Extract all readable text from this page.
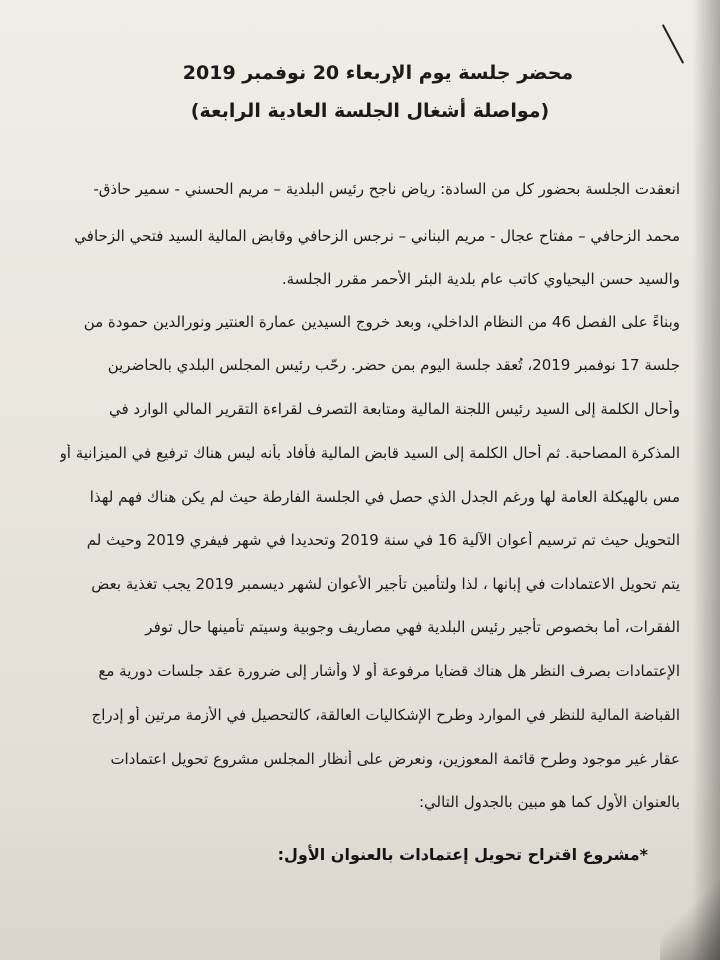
محضر جلسة يوم الإربعاء 20 نوفمبر 2019
(مواصلة أشغال الجلسة العادية الرابعة)
انعقدت الجلسة بحضور كل من السادة: رياض ناجح رئيس البلدية – مريم الحسني - سمير حاذق-
محمد الزحافي – مفتاح عجال - مريم البناني – نرجس الزحافي وقابض المالية السيد فتحي الزحافي
والسيد حسن اليحياوي كاتب عام بلدية البئر الأحمر مقرر الجلسة.
وبناءً على الفصل 46 من النظام الداخلي، وبعد خروج السيدين عمارة العنتير ونورالدين حمودة من
جلسة 17 نوفمبر 2019، تُعقد جلسة اليوم بمن حضر. رحّب رئيس المجلس البلدي بالحاضرين
وأحال الكلمة إلى السيد رئيس اللجنة المالية ومتابعة التصرف لقراءة التقرير المالي الوارد في
المذكرة المصاحبة. ثم أحال الكلمة إلى السيد قابض المالية فأفاد بأنه ليس هناك ترفيع في الميزانية أو
مس بالهيكلة العامة لها ورغم الجدل الذي حصل في الجلسة الفارطة حيث لم يكن هناك فهم لهذا
التحويل حيث تم ترسيم أعوان الآلية 16 في سنة 2019 وتحديدا في شهر فيفري 2019 وحيث لم
يتم تحويل الاعتمادات في إبانها ، لذا ولتأمين تأجير الأعوان لشهر ديسمبر 2019 يجب تغذية بعض
الفقرات، أما بخصوص تأجير رئيس البلدية فهي مصاريف وجوبية وسيتم تأمينها حال توفر
الإعتمادات بصرف النظر هل هناك قضايا مرفوعة أو لا وأشار إلى ضرورة عقد جلسات دورية مع
القباضة المالية للنظر في الموارد وطرح الإشكاليات العالقة، كالتحصيل في الأزمة مرتين أو إدراج
عقار غير موجود وطرح قائمة المعوزين، ونعرض على أنظار المجلس مشروع تحويل اعتمادات
بالعنوان الأول كما هو مبين بالجدول التالي:
*مشروع اقتراح تحويل إعتمادات بالعنوان الأول:
